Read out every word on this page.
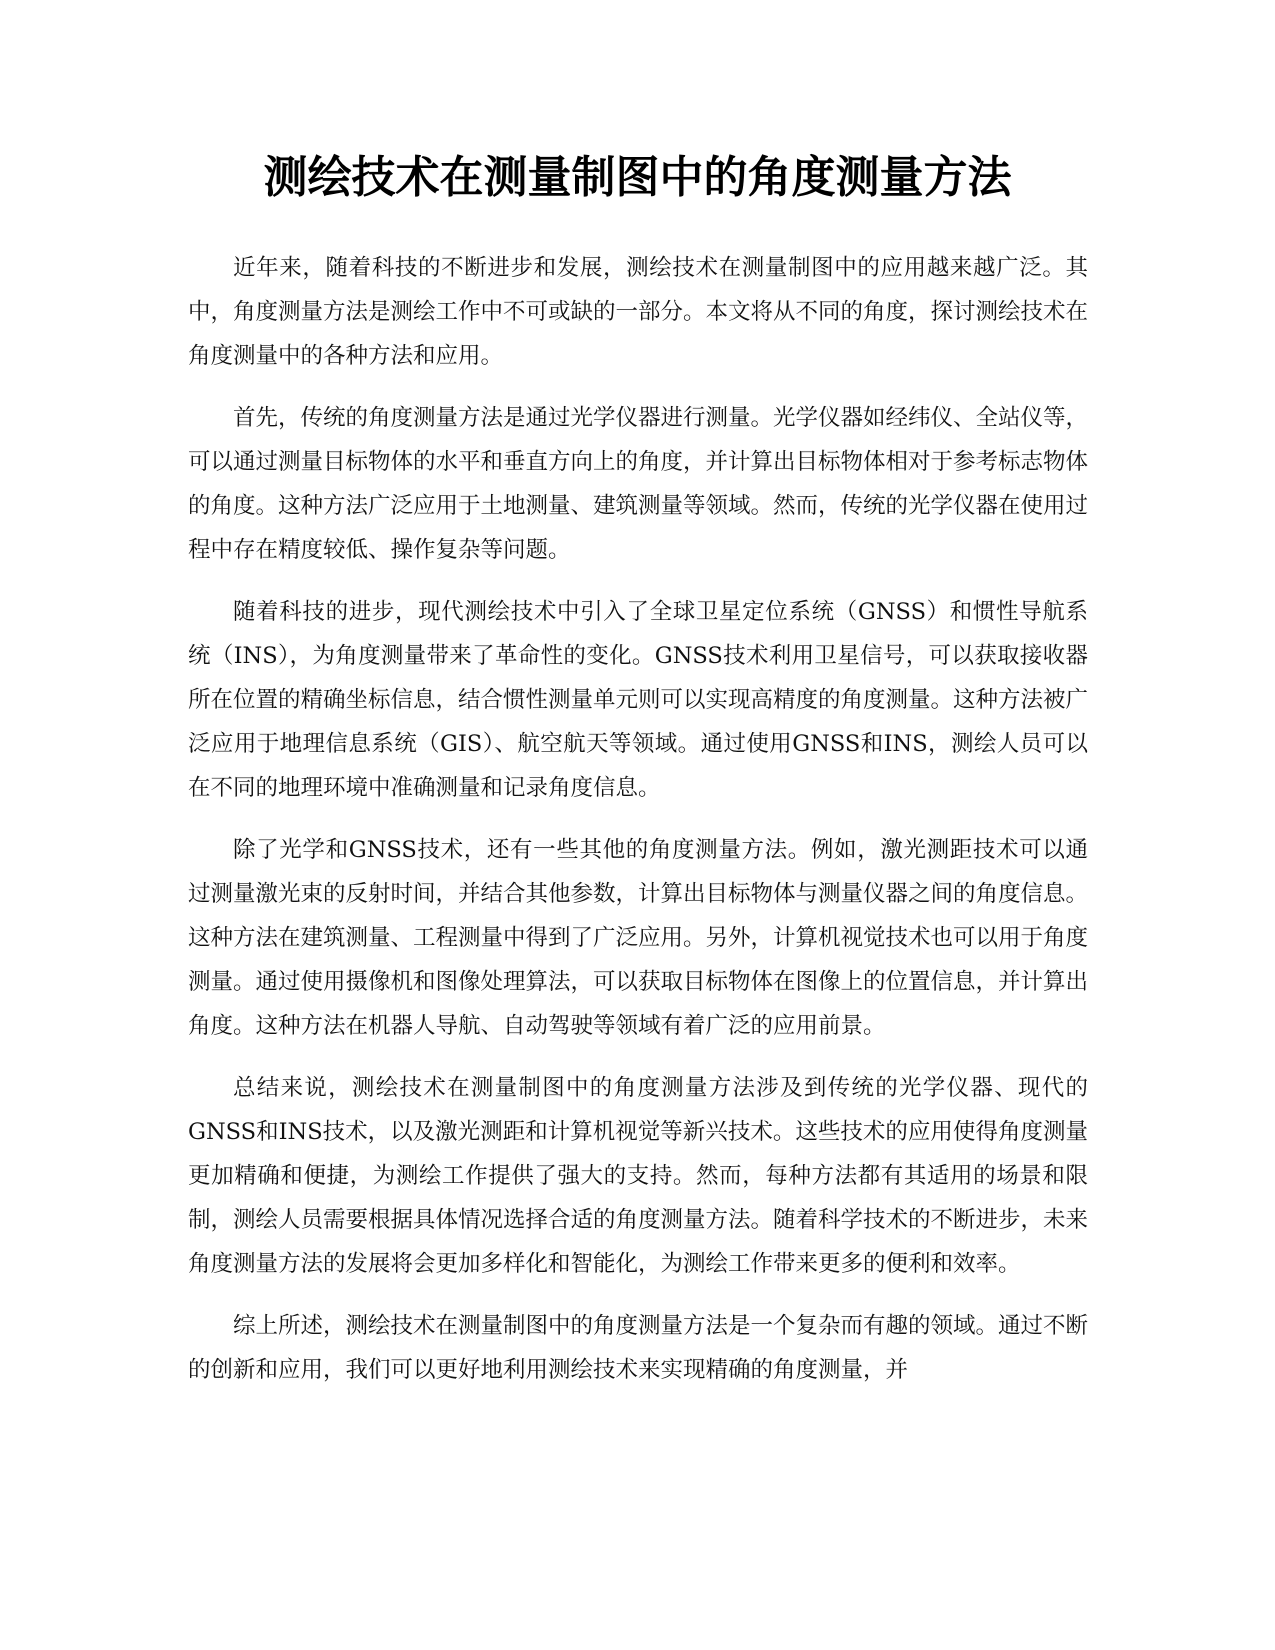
测绘技术在测量制图中的角度测量方法

近年来，随着科技的不断进步和发展，测绘技术在测量制图中的应用越来越广泛。其中，角度测量方法是测绘工作中不可或缺的一部分。本文将从不同的角度，探讨测绘技术在角度测量中的各种方法和应用。

首先，传统的角度测量方法是通过光学仪器进行测量。光学仪器如经纬仪、全站仪等，可以通过测量目标物体的水平和垂直方向上的角度，并计算出目标物体相对于参考标志物体的角度。这种方法广泛应用于土地测量、建筑测量等领域。然而，传统的光学仪器在使用过程中存在精度较低、操作复杂等问题。

随着科技的进步，现代测绘技术中引入了全球卫星定位系统（GNSS）和惯性导航系统（INS），为角度测量带来了革命性的变化。GNSS技术利用卫星信号，可以获取接收器所在位置的精确坐标信息，结合惯性测量单元则可以实现高精度的角度测量。这种方法被广泛应用于地理信息系统（GIS）、航空航天等领域。通过使用GNSS和INS，测绘人员可以在不同的地理环境中准确测量和记录角度信息。

除了光学和GNSS技术，还有一些其他的角度测量方法。例如，激光测距技术可以通过测量激光束的反射时间，并结合其他参数，计算出目标物体与测量仪器之间的角度信息。这种方法在建筑测量、工程测量中得到了广泛应用。另外，计算机视觉技术也可以用于角度测量。通过使用摄像机和图像处理算法，可以获取目标物体在图像上的位置信息，并计算出角度。这种方法在机器人导航、自动驾驶等领域有着广泛的应用前景。

总结来说，测绘技术在测量制图中的角度测量方法涉及到传统的光学仪器、现代的GNSS和INS技术，以及激光测距和计算机视觉等新兴技术。这些技术的应用使得角度测量更加精确和便捷，为测绘工作提供了强大的支持。然而，每种方法都有其适用的场景和限制，测绘人员需要根据具体情况选择合适的角度测量方法。随着科学技术的不断进步，未来角度测量方法的发展将会更加多样化和智能化，为测绘工作带来更多的便利和效率。

综上所述，测绘技术在测量制图中的角度测量方法是一个复杂而有趣的领域。通过不断的创新和应用，我们可以更好地利用测绘技术来实现精确的角度测量，并
